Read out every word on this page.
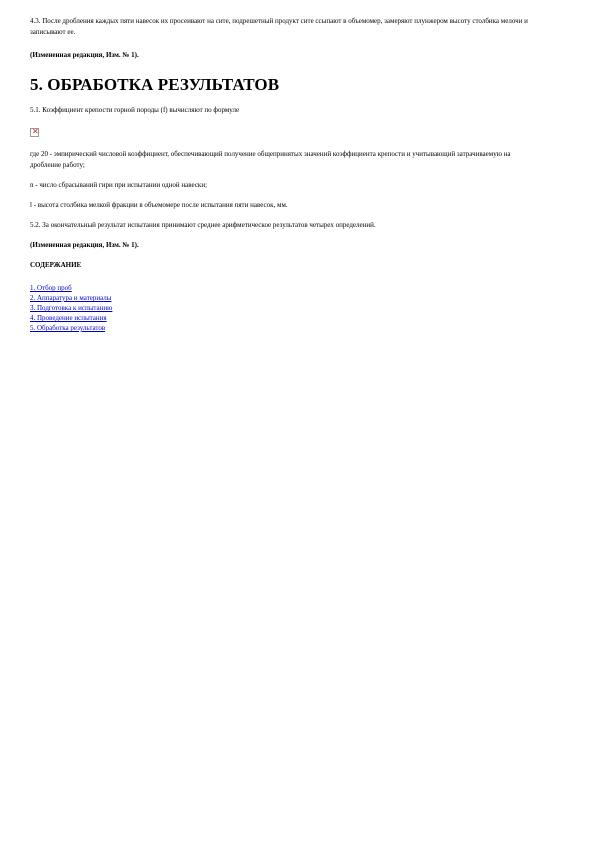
4.3. После дробления каждых пяти навесок их просеивают на сите, подрешетный продукт сите ссыпают в объемомер, замеряют плунжером высоту столбика мелочи и записывают ее.

(Измененная редакция, Изм. № 1).

5. ОБРАБОТКА РЕЗУЛЬТАТОВ

5.1. Коэффициент крепости горной породы (f) вычисляют по формуле

✕

где 20 - эмпирический числовой коэффициент, обеспечивающий получение общепринятых значений коэффициента крепости и учитывающий затрачиваемую на дробление работу;

n - число сбрасываний гири при испытании одной навески;

l - высота столбика мелкой фракции в объемомере после испытания пяти навесок, мм.

5.2. За окончательный результат испытания принимают среднее арифметическое результатов четырех определений.

(Измененная редакция, Изм. № 1).

СОДЕРЖАНИЕ

1. Отбор проб
2. Аппаратура и материалы
3. Подготовка к испытанию
4. Проведение испытания
5. Обработка результатов
